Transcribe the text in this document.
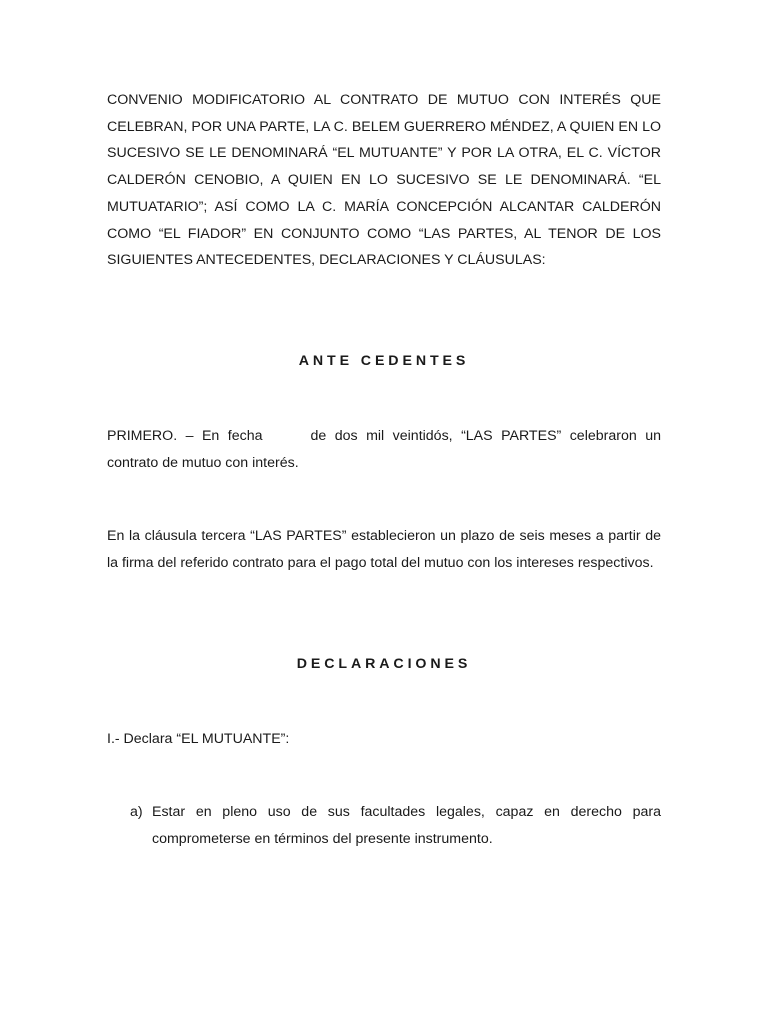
CONVENIO MODIFICATORIO AL CONTRATO DE MUTUO CON INTERÉS QUE CELEBRAN, POR UNA PARTE, LA C. BELEM GUERRERO MÉNDEZ, A QUIEN EN LO SUCESIVO SE LE DENOMINARÁ “EL MUTUANTE” Y POR LA OTRA, EL C. VÍCTOR CALDERÓN CENOBIO, A QUIEN EN LO SUCESIVO SE LE DENOMINARÁ. “EL MUTUATARIO”; ASÍ COMO LA C. MARÍA CONCEPCIÓN ALCANTAR CALDERÓN COMO “EL FIADOR” EN CONJUNTO COMO “LAS PARTES, AL TENOR DE LOS SIGUIENTES ANTECEDENTES, DECLARACIONES Y CLÁUSULAS:

ANTE CEDENTES

PRIMERO. – En fecha	de dos mil veintidós, “LAS PARTES” celebraron un contrato de mutuo con interés.

En la cláusula tercera “LAS PARTES” establecieron un plazo de seis meses a partir de la firma del referido contrato para el pago total del mutuo con los intereses respectivos.

DECLARACIONES

I.- Declara “EL MUTUANTE”:

a) Estar en pleno uso de sus facultades legales, capaz en derecho para comprometerse en términos del presente instrumento.
